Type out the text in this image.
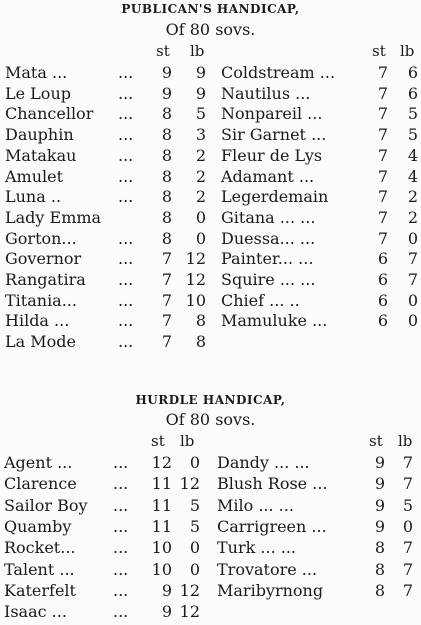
PUBLICAN'S HANDICAP,
Of 80 sovs.
st lb	st lb
Mata ...	...	9	9
Le Loup	...	9	9
Chancellor ...	8	5
Dauphin	...	8	3
Matakau	...	8	2
Amulet	...	8	2
Luna ..	...	8	2
Lady Emma	8	0
Gorton...	...	8	0
Governor ...	7 12
Rangatira ...	7 12
Titania...	...	7 10
Hilda ...	...	7	8
La Mode	...	7	8
Coldstream ...	7	6
Nautilus ...	7	6
Nonpareil ...	7	5
Sir Garnet ...	7	5
Fleur de Lys	7	4
Adamant ...	7	4
Legerdemain	7	2
Gitana ... ...	7	2
Duessa... ...	7	0
Painter... ...	6	7
Squire ... ...	6	7
Chief ... ..	6	0
Mamuluke ...	6	0
HURDLE HANDICAP,
Of 80 sovs.
st lb	st lb
Agent ...	...	12	0
Clarence ...	11 12
Sailor Boy ...	11	5
Quamby	...	11	5
Rocket... ...	10	0
Talent ... ...	10	0
Katerfelt ...	9 12
Isaac ...	...	9 12
Dandy ... ...	9	7
Blush Rose ...	9	7
Milo ... ...	9	5
Carrigreen ...	9	0
Turk ... ...	8	7
Trovatore ...	8	7
Maribyrnong	8	7
